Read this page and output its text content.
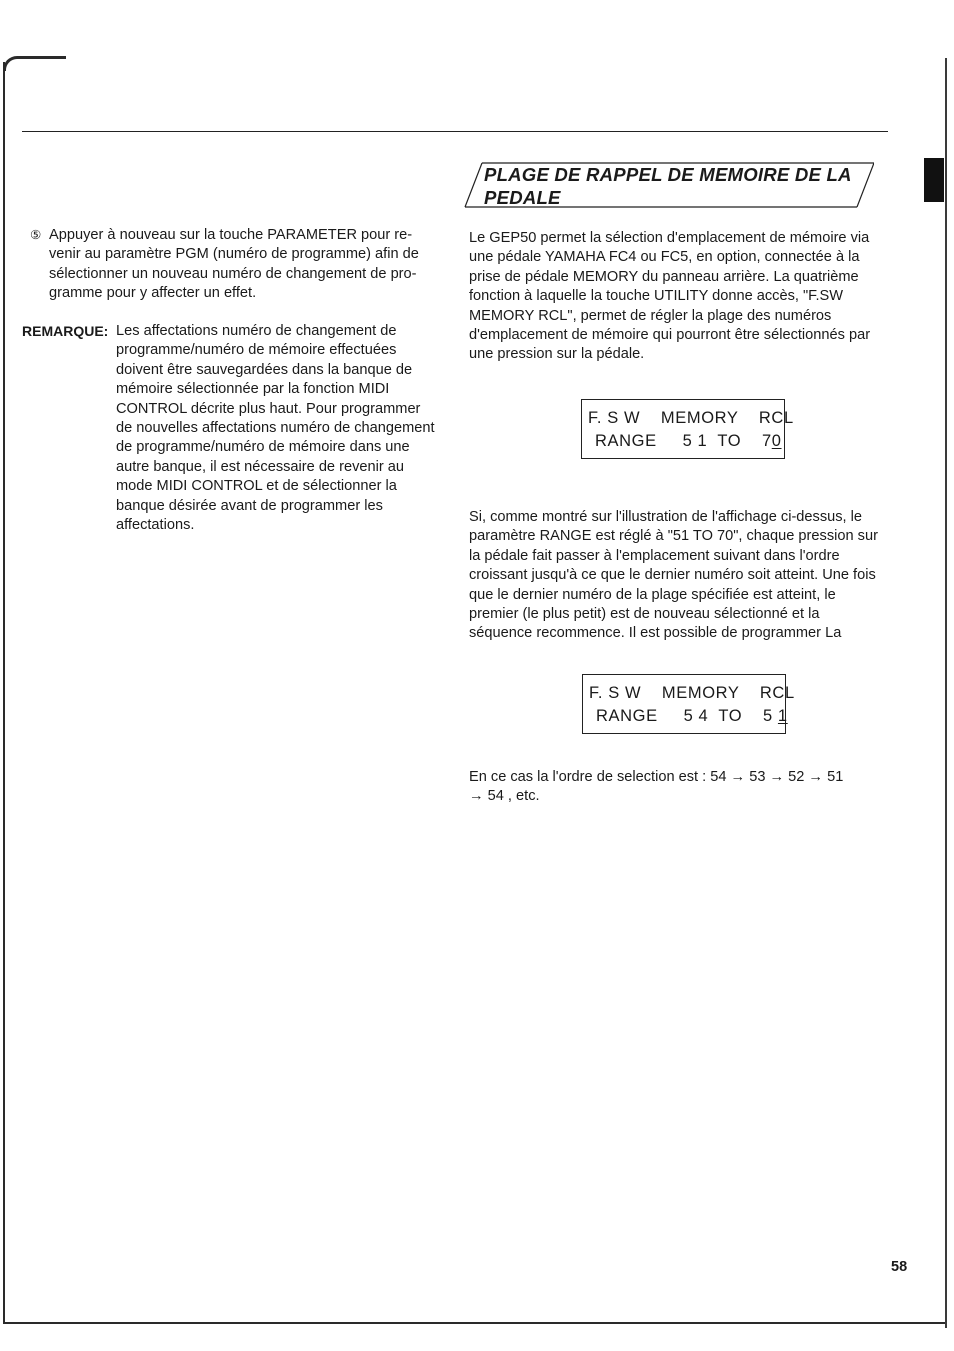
⑤ Appuyer à nouveau sur la touche PARAMETER pour re-
venir au paramètre PGM (numéro de programme) afin de
sélectionner un nouveau numéro de changement de pro-
gramme pour y affecter un effet.
REMARQUE: Les affectations numéro de changement de
programme/numéro de mémoire effectuées
doivent être sauvegardées dans la banque de
mémoire sélectionnée par la fonction MIDI
CONTROL décrite plus haut. Pour programmer
de nouvelles affectations numéro de changement
de programme/numéro de mémoire dans une
autre banque, il est nécessaire de revenir au
mode MIDI CONTROL et de sélectionner la
banque désirée avant de programmer les
affectations.
PLAGE DE RAPPEL DE MEMOIRE DE LA
PEDALE
Le GEP50 permet la sélection d'emplacement de mémoire via
une pédale YAMAHA FC4 ou FC5, en option, connectée à la
prise de pédale MEMORY du panneau arrière. La quatrième
fonction à laquelle la touche UTILITY donne accès, "F.SW
MEMORY RCL", permet de régler la plage des numéros
d'emplacement de mémoire qui pourront être sélectionnés par
une pression sur la pédale.
F. S W    MEMORY    RCL
RANGE     5 1  TO    70
Si, comme montré sur l'illustration de l'affichage ci-dessus, le
paramètre RANGE est réglé à "51 TO 70", chaque pression sur
la pédale fait passer à l'emplacement suivant dans l'ordre
croissant jusqu'à ce que le dernier numéro soit atteint. Une fois
que le dernier numéro de la plage spécifiée est atteint, le
premier (le plus petit) est de nouveau sélectionné et la
séquence recommence. Il est possible de programmer La
F. S W    MEMORY    RCL
RANGE     5 4  TO    5 1
En ce cas la l'ordre de selection est : 54 → 53 → 52 → 51
→ 54 , etc.
58
